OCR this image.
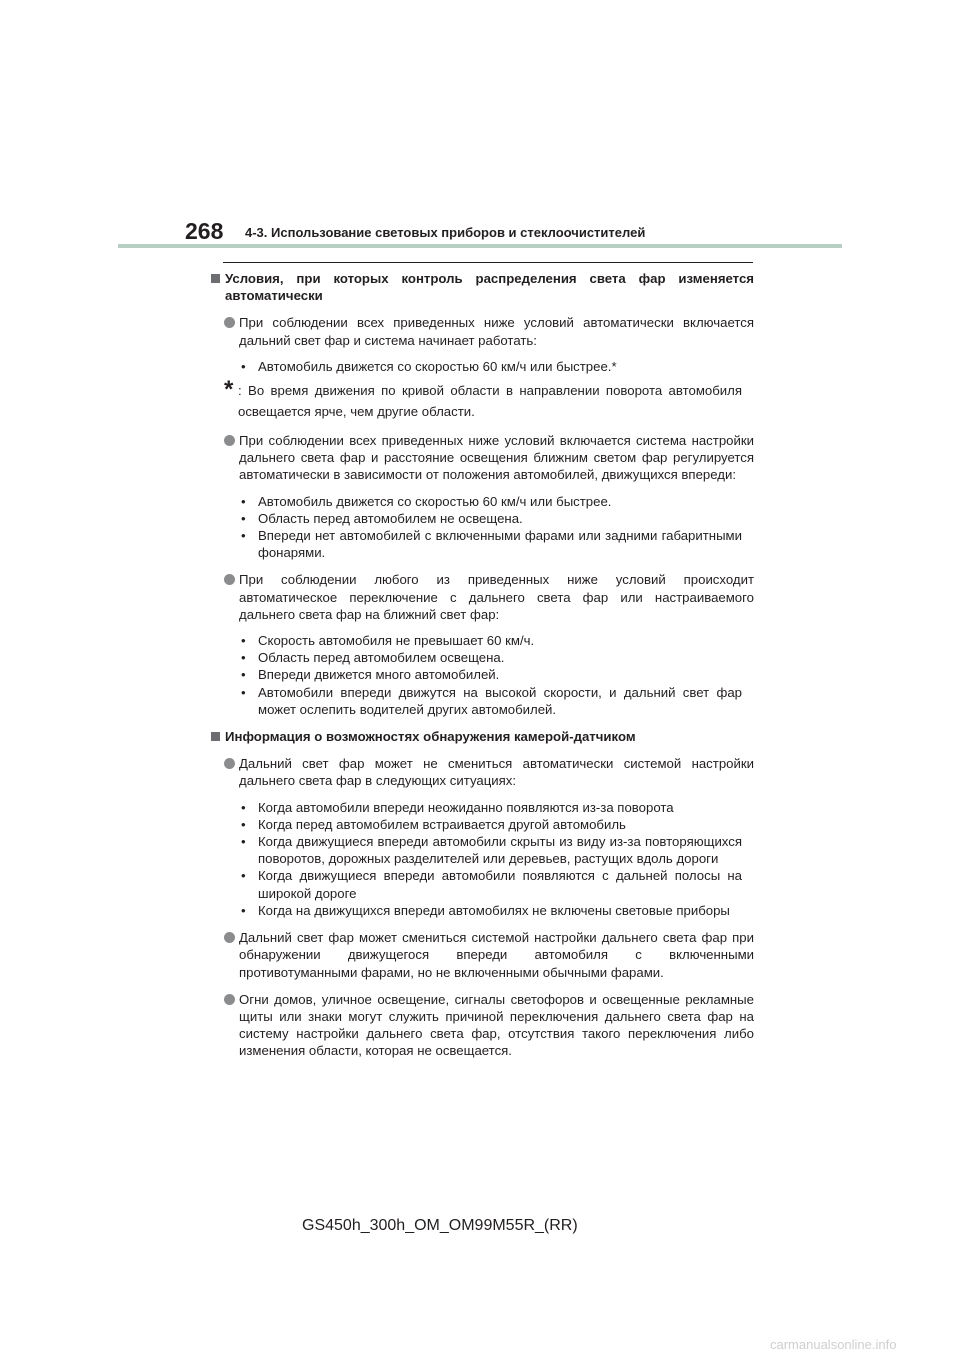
268 4-3. Использование световых приборов и стеклоочистителей
Условия, при которых контроль распределения света фар изменяется автоматически
При соблюдении всех приведенных ниже условий автоматически включается дальний свет фар и система начинает работать:
• Автомобиль движется со скоростью 60 км/ч или быстрее.*
* : Во время движения по кривой области в направлении поворота автомобиля освещается ярче, чем другие области.
При соблюдении всех приведенных ниже условий включается система настройки дальнего света фар и расстояние освещения ближним светом фар регулируется автоматически в зависимости от положения автомобилей, движущихся впереди:
• Автомобиль движется со скоростью 60 км/ч или быстрее.
• Область перед автомобилем не освещена.
• Впереди нет автомобилей с включенными фарами или задними габаритными фонарями.
При соблюдении любого из приведенных ниже условий происходит автоматическое переключение с дальнего света фар или настраиваемого дальнего света фар на ближний свет фар:
• Скорость автомобиля не превышает 60 км/ч.
• Область перед автомобилем освещена.
• Впереди движется много автомобилей.
• Автомобили впереди движутся на высокой скорости, и дальний свет фар может ослепить водителей других автомобилей.
Информация о возможностях обнаружения камерой-датчиком
Дальний свет фар может не смениться автоматически системой настройки дальнего света фар в следующих ситуациях:
• Когда автомобили впереди неожиданно появляются из-за поворота
• Когда перед автомобилем встраивается другой автомобиль
• Когда движущиеся впереди автомобили скрыты из виду из-за повторяющихся поворотов, дорожных разделителей или деревьев, растущих вдоль дороги
• Когда движущиеся впереди автомобили появляются с дальней полосы на широкой дороге
• Когда на движущихся впереди автомобилях не включены световые приборы
Дальний свет фар может смениться системой настройки дальнего света фар при обнаружении движущегося впереди автомобиля с включенными противотуманными фарами, но не включенными обычными фарами.
Огни домов, уличное освещение, сигналы светофоров и освещенные рекламные щиты или знаки могут служить причиной переключения дальнего света фар на систему настройки дальнего света фар, отсутствия такого переключения либо изменения области, которая не освещается.
GS450h_300h_OM_OM99M55R_(RR)
carmanualsonline.info
